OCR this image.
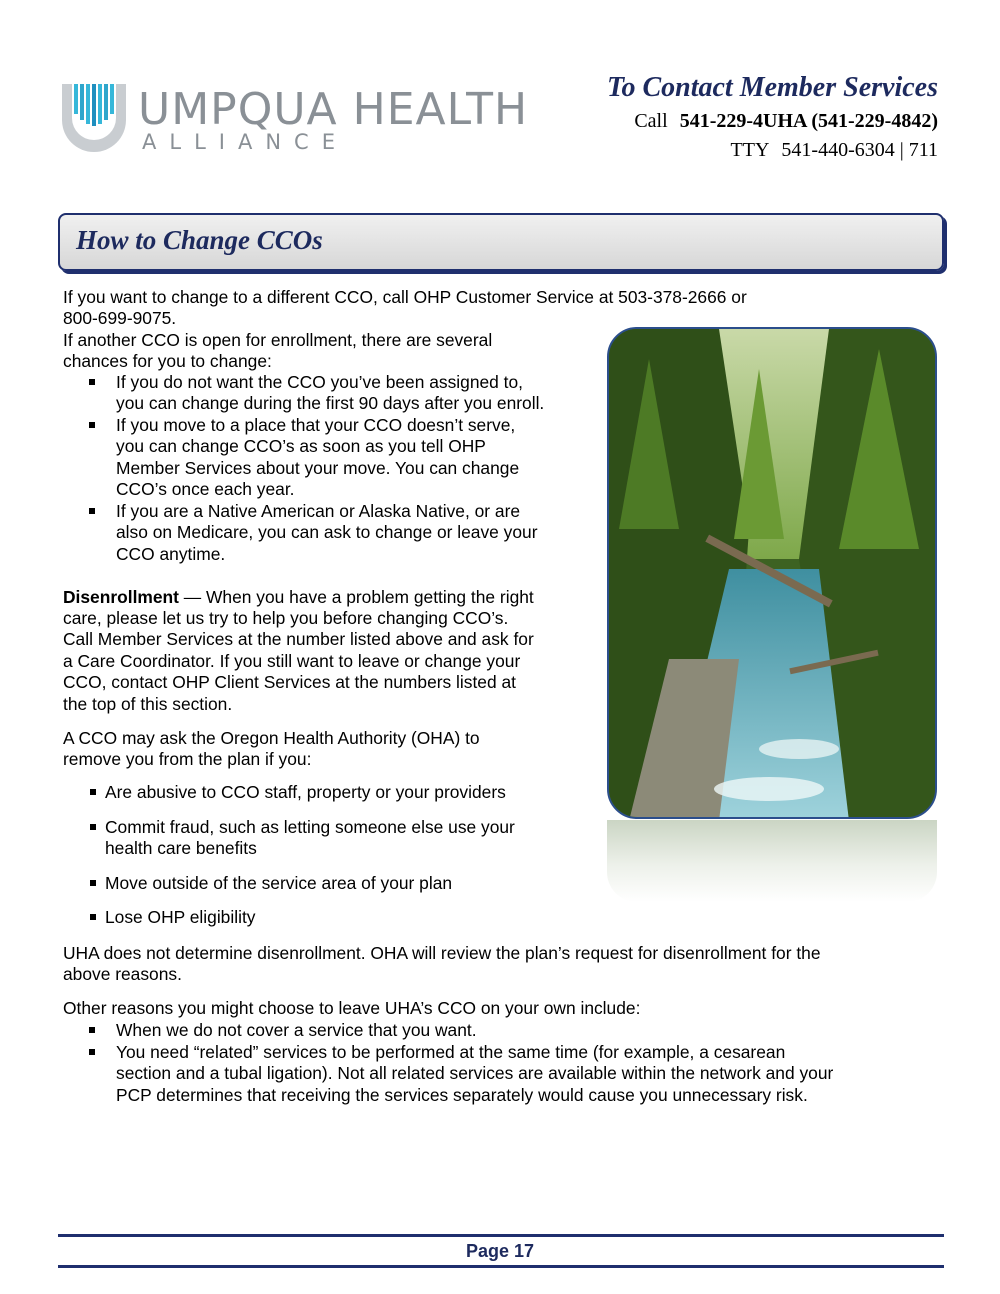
UMPQUA HEALTH
ALLIANCE
To Contact Member Services
Call 541-229-4UHA (541-229-4842)
TTY 541-440-6304 | 711
How to Change CCOs
If you want to change to a different CCO, call OHP Customer Service at 503-378-2666 or
800-699-9075.
If another CCO is open for enrollment, there are several
chances for you to change:
If you do not want the CCO you’ve been assigned to,
you can change during the first 90 days after you enroll.
If you move to a place that your CCO doesn’t serve,
you can change CCO’s as soon as you tell OHP
Member Services about your move. You can change
CCO’s once each year.
If you are a Native American or Alaska Native, or are
also on Medicare, you can ask to change or leave your
CCO anytime.
Disenrollment — When you have a problem getting the right
care, please let us try to help you before changing CCO’s.
Call Member Services at the number listed above and ask for
a Care Coordinator. If you still want to leave or change your
CCO, contact OHP Client Services at the numbers listed at
the top of this section.
A CCO may ask the Oregon Health Authority (OHA) to
remove you from the plan if you:
Are abusive to CCO staff, property or your providers
Commit fraud, such as letting someone else use your
health care benefits
Move outside of the service area of your plan
Lose OHP eligibility
UHA does not determine disenrollment. OHA will review the plan’s request for disenrollment for the
above reasons.
Other reasons you might choose to leave UHA’s CCO on your own include:
When we do not cover a service that you want.
You need “related” services to be performed at the same time (for example, a cesarean
section and a tubal ligation). Not all related services are available within the network and your
PCP determines that receiving the services separately would cause you unnecessary risk.
Page 17
